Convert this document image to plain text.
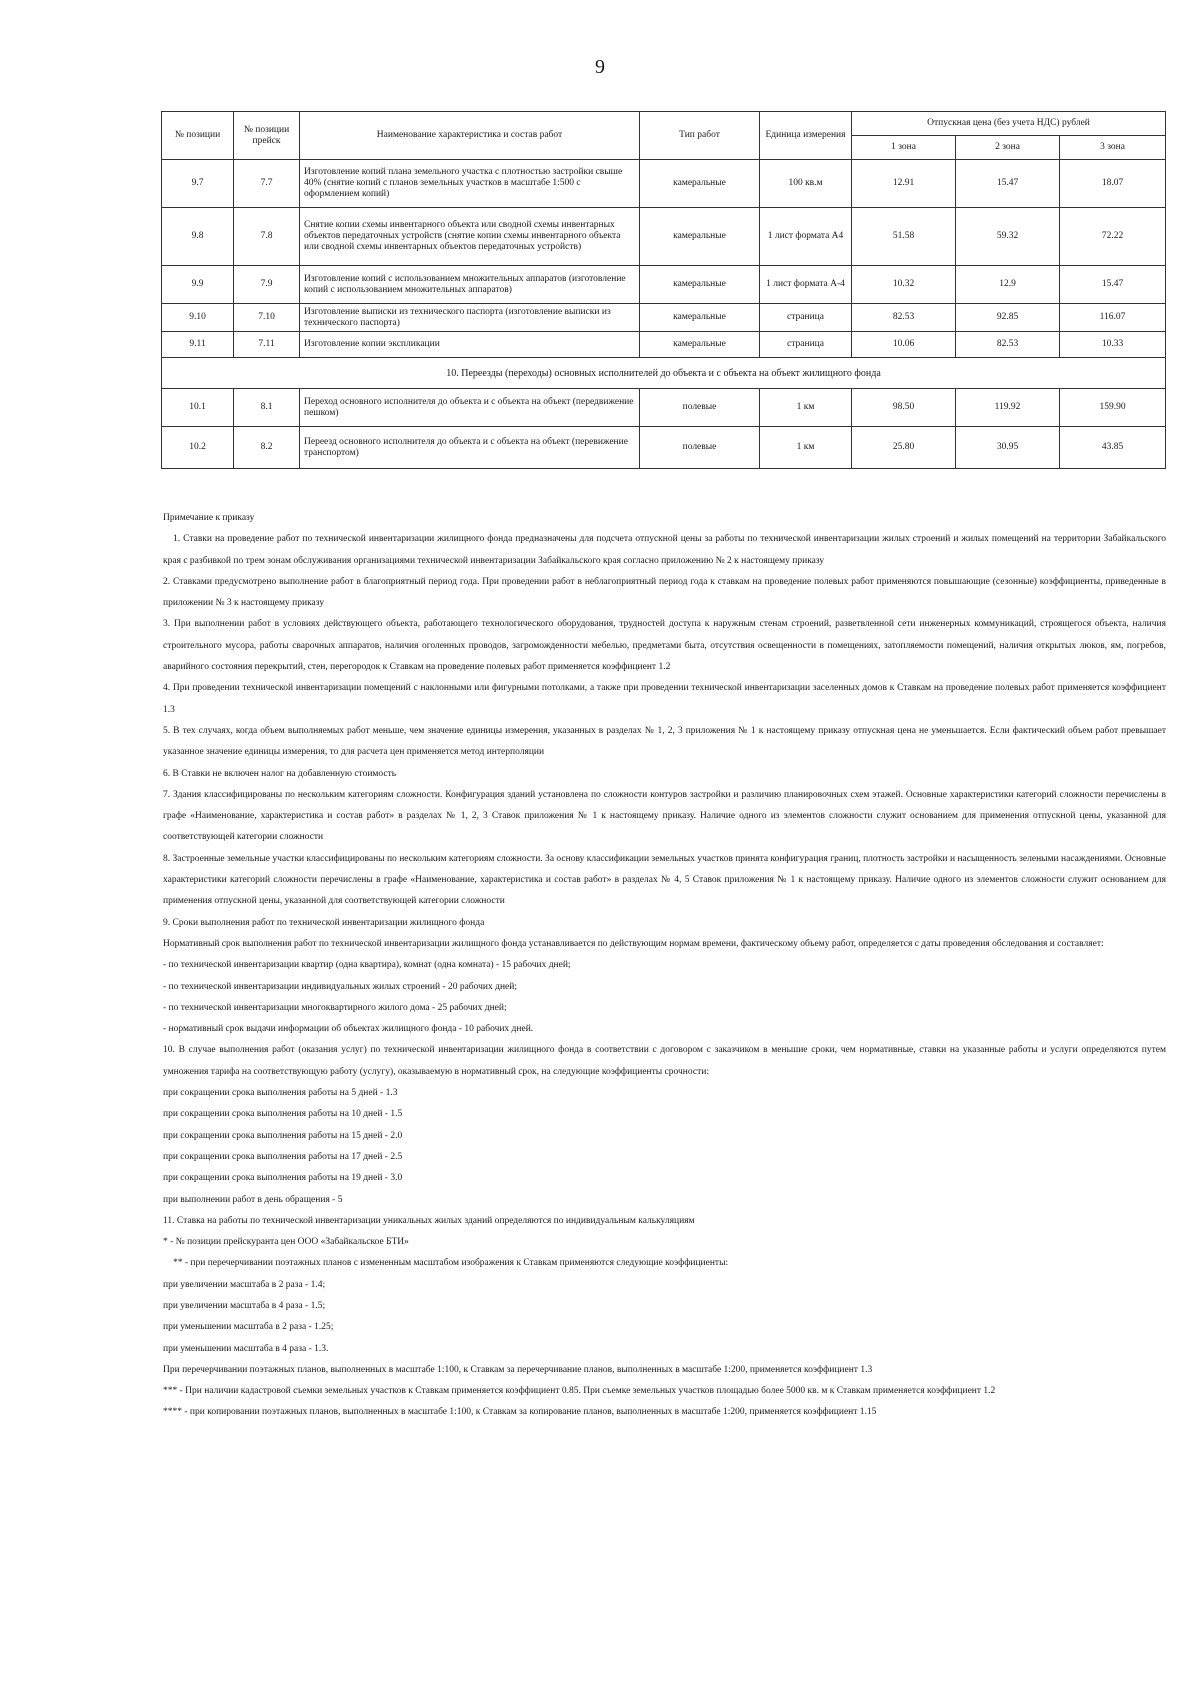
9
№ позиции	№ позиции прейск	Наименование характеристика и состав работ	Тип работ	Единица измерения	Отпускная цена (без учета НДС) рублей		
					1 зона	2 зона	3 зона
9.7	7.7	Изготовление копий плана земельного участка с плотностью застройки свыше 40% (снятие копий с планов земельных участков в масштабе 1:500 с оформлением копий)	камеральные	100 кв.м	12.91	15.47	18.07
9.8	7.8	Снятие копии схемы инвентарного объекта или сводной схемы инвентарных объектов передаточных устройств (снятие копии схемы инвентарного объекта или сводной схемы инвентарных объектов передаточных устройств)	камеральные	1 лист формата А4	51.58	59.32	72.22
9.9	7.9	Изготовление копий с использованием множительных аппаратов (изготовление копий с использованием множительных аппаратов)	камеральные	1 лист формата А-4	10.32	12.9	15.47
9.10	7.10	Изготовление выписки из технического паспорта (изготовление выписки из технического паспорта)	камеральные	страница	82.53	92.85	116.07
9.11	7.11	Изготовление копии экспликации	камеральные	страница	10.06	82.53	10.33
10. Переезды (переходы) основных исполнителей до объекта и с объекта на объект жилищного фонда							
10.1	8.1	Переход основного исполнителя до объекта и с объекта на объект (передвижение пешком)	полевые	1 км	98.50	119.92	159.90
10.2	8.2	Переезд основного исполнителя до объекта и с объекта на объект (перевижение транспортом)	полевые	1 км	25.80	30.95	43.85

Примечание к приказу

1. Ставки на проведение работ по технической инвентаризации жилищного фонда предназначены для подсчета отпускной цены за работы по технической инвентаризации жилых строений и жилых помещений на территории Забайкальского края с разбивкой по трем зонам обслуживания организациями технической инвентаризации Забайкальского края согласно приложению № 2 к настоящему приказу

2. Ставками предусмотрено выполнение работ в благоприятный период года. При проведении работ в неблагоприятный период года к ставкам на проведение полевых работ применяются повышающие (сезонные) коэффициенты, приведенные в приложении № 3 к настоящему приказу

3. При выполнении работ в условиях действующего объекта, работающего технологического оборудования, трудностей доступа к наружным стенам строений, разветвленной сети инженерных коммуникаций, строящегося объекта, наличия строительного мусора, работы сварочных аппаратов, наличия оголенных проводов, загроможденности мебелью, предметами быта, отсутствия освещенности в помещениях, затопляемости помещений, наличия открытых люков, ям, погребов, аварийного состояния перекрытий, стен, перегородок к Ставкам на проведение полевых работ применяется коэффициент 1.2

4. При проведении технической инвентаризации помещений с наклонными или фигурными потолками, а также при проведении технической инвентаризации заселенных домов к Ставкам на проведение полевых работ применяется коэффициент 1.3

5. В тех случаях, когда объем выполняемых работ меньше, чем значение единицы измерения, указанных в разделах № 1, 2, 3 приложения № 1 к настоящему приказу отпускная цена не уменьшается. Если фактический объем работ превышает указанное значение единицы измерения, то для расчета цен применяется метод интерполяции

6. В Ставки не включен налог на добавленную стоимость

7. Здания классифицированы по нескольким категориям сложности. Конфигурация зданий установлена по сложности контуров застройки и различию планировочных схем этажей. Основные характеристики категорий сложности перечислены в графе «Наименование, характеристика и состав работ» в разделах № 1, 2, 3 Ставок приложения № 1 к настоящему приказу. Наличие одного из элементов сложности служит основанием для применения отпускной цены, указанной для соответствующей категории сложности

8. Застроенные земельные участки классифицированы по нескольким категориям сложности. За основу классификации земельных участков принята конфигурация границ, плотность застройки и насыщенность зелеными насаждениями. Основные характеристики категорий сложности перечислены в графе «Наименование, характеристика и состав работ» в разделах № 4, 5 Ставок приложения № 1 к настоящему приказу. Наличие одного из элементов сложности служит основанием для применения отпускной цены, указанной для соответствующей категории сложности

9. Сроки выполнения работ по технической инвентаризации жилищного фонда

Нормативный срок выполнения работ по технической инвентаризации жилищного фонда устанавливается по действующим нормам времени, фактическому объему работ, определяется с даты проведения обследования и составляет:

- по технической инвентаризации квартир (одна квартира), комнат (одна комната) - 15 рабочих дней;

- по технической инвентаризации индивидуальных жилых строений - 20 рабочих дней;

- по технической инвентаризации многоквартирного жилого дома - 25 рабочих дней;

- нормативный срок выдачи информации об объектах жилищного фонда - 10 рабочих дней.

10. В случае выполнения работ (оказания услуг) по технической инвентаризации жилищного фонда в соответствии с договором с заказчиком в меньшие сроки, чем нормативные, ставки на указанные работы и услуги определяются путем умножения тарифа на соответствующую работу (услугу), оказываемую в нормативный срок, на следующие коэффициенты срочности:

при сокращении срока выполнения работы на 5 дней - 1.3

при сокращении срока выполнения работы на 10 дней - 1.5

при сокращении срока выполнения работы на 15 дней - 2.0

при сокращении срока выполнения работы на 17 дней - 2.5

при сокращении срока выполнения работы на 19 дней - 3.0

при выполнении работ в день обращения - 5

11. Ставка на работы по технической инвентаризации уникальных жилых зданий определяются по индивидуальным калькуляциям

* - № позиции прейскуранта цен ООО «Забайкальское БТИ»

** - при перечерчивании поэтажных планов с измененным масштабом изображения к Ставкам применяются следующие коэффициенты:

при увеличении масштаба в 2 раза - 1.4;

при увеличении масштаба в 4 раза - 1.5;

при уменьшении масштаба в 2 раза - 1.25;

при уменьшении масштаба в 4 раза - 1.3.

При перечерчивании поэтажных планов, выполненных в масштабе 1:100, к Ставкам за перечерчивание планов, выполненных в масштабе 1:200, применяется коэффициент 1.3

*** - При наличии кадастровой съемки земельных участков к Ставкам применяется коэффициент 0.85. При съемке земельных участков площадью более 5000 кв. м к Ставкам применяется коэффициент 1.2

**** - при копировании поэтажных планов, выполненных в масштабе 1:100, к Ставкам за копирование планов, выполненных в масштабе 1:200, применяется коэффициент 1.15
